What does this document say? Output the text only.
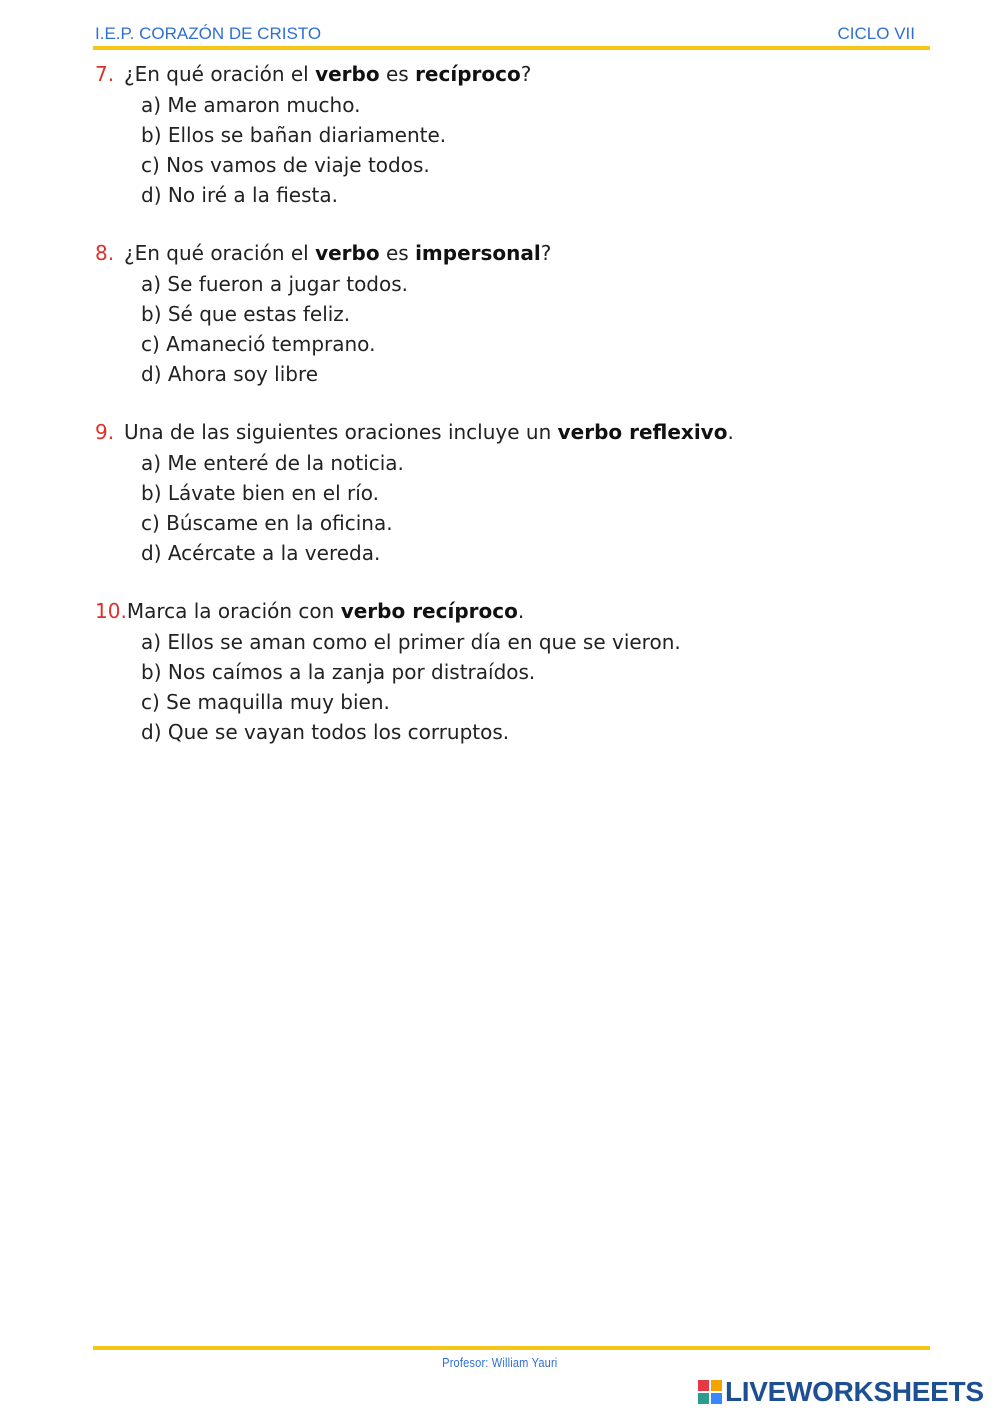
I.E.P. CORAZÓN DE CRISTO	CICLO VII
7. ¿En qué oración el verbo es recíproco?
a) Me amaron mucho.
b) Ellos se bañan diariamente.
c) Nos vamos de viaje todos.
d) No iré a la fiesta.
8. ¿En qué oración el verbo es impersonal?
a) Se fueron a jugar todos.
b) Sé que estas feliz.
c) Amaneció temprano.
d) Ahora soy libre
9. Una de las siguientes oraciones incluye un verbo reflexivo.
a) Me enteré de la noticia.
b) Lávate bien en el río.
c) Búscame en la oficina.
d) Acércate a la vereda.
10.Marca la oración con verbo recíproco.
a) Ellos se aman como el primer día en que se vieron.
b) Nos caímos a la zanja por distraídos.
c) Se maquilla muy bien.
d) Que se vayan todos los corruptos.
Profesor: William Yauri
LIVEWORKSHEETS
